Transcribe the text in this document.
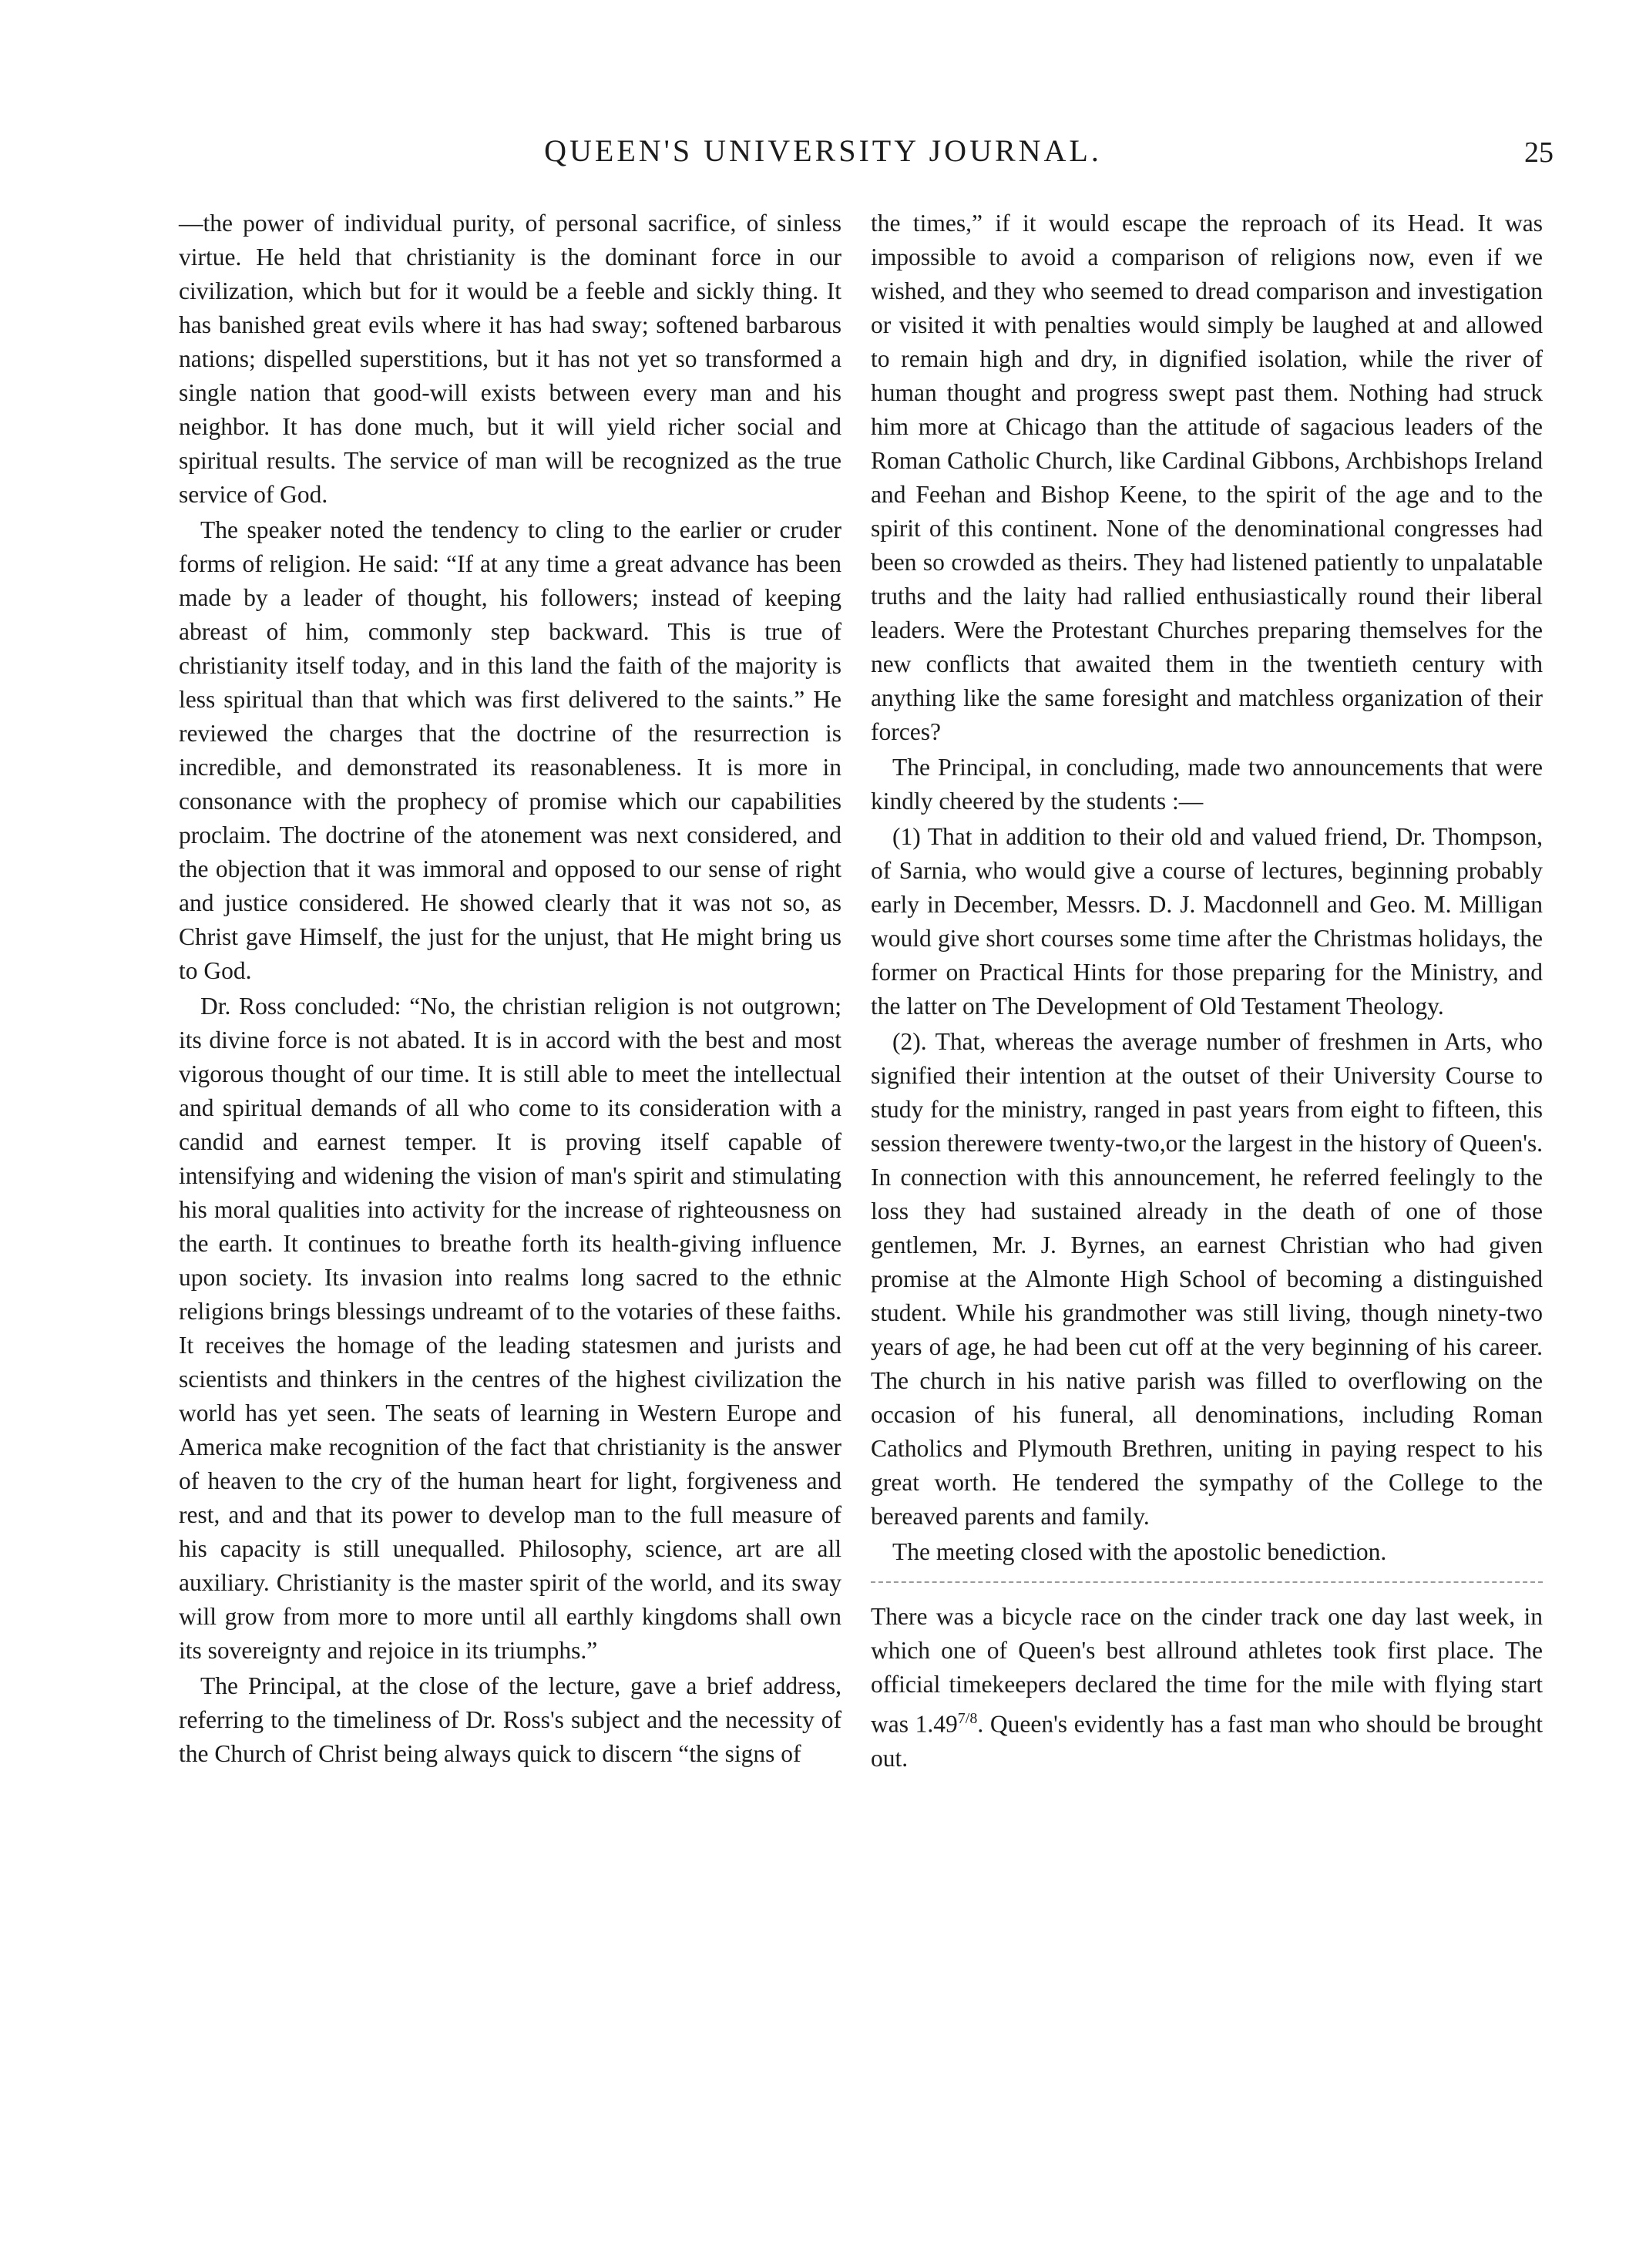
QUEEN'S UNIVERSITY JOURNAL.	25

—the power of individual purity, of personal sacrifice, of sinless virtue. He held that christianity is the dominant force in our civilization, which but for it would be a feeble and sickly thing. It has banished great evils where it has had sway; softened barbarous nations; dispelled superstitions, but it has not yet so transformed a single nation that good-will exists between every man and his neighbor. It has done much, but it will yield richer social and spiritual results. The service of man will be recognized as the true service of God.

The speaker noted the tendency to cling to the earlier or cruder forms of religion. He said: “If at any time a great advance has been made by a leader of thought, his followers; instead of keeping abreast of him, commonly step backward. This is true of christianity itself today, and in this land the faith of the majority is less spiritual than that which was first delivered to the saints.” He reviewed the charges that the doctrine of the resurrection is incredible, and demonstrated its reasonableness. It is more in consonance with the prophecy of promise which our capabilities proclaim. The doctrine of the atonement was next considered, and the objection that it was immoral and opposed to our sense of right and justice considered. He showed clearly that it was not so, as Christ gave Himself, the just for the unjust, that He might bring us to God.

Dr. Ross concluded: “No, the christian religion is not outgrown; its divine force is not abated. It is in accord with the best and most vigorous thought of our time. It is still able to meet the intellectual and spiritual demands of all who come to its consideration with a candid and earnest temper. It is proving itself capable of intensifying and widening the vision of man's spirit and stimulating his moral qualities into activity for the increase of righteousness on the earth. It continues to breathe forth its health-giving influence upon society. Its invasion into realms long sacred to the ethnic religions brings blessings undreamt of to the votaries of these faiths. It receives the homage of the leading statesmen and jurists and scientists and thinkers in the centres of the highest civilization the world has yet seen. The seats of learning in Western Europe and America make recognition of the fact that christianity is the answer of heaven to the cry of the human heart for light, forgiveness and rest, and and that its power to develop man to the full measure of his capacity is still unequalled. Philosophy, science, art are all auxiliary. Christianity is the master spirit of the world, and its sway will grow from more to more until all earthly kingdoms shall own its sovereignty and rejoice in its triumphs.”

The Principal, at the close of the lecture, gave a brief address, referring to the timeliness of Dr. Ross's subject and the necessity of the Church of Christ being always quick to discern “the signs of

the times,” if it would escape the reproach of its Head. It was impossible to avoid a comparison of religions now, even if we wished, and they who seemed to dread comparison and investigation or visited it with penalties would simply be laughed at and allowed to remain high and dry, in dignified isolation, while the river of human thought and progress swept past them. Nothing had struck him more at Chicago than the attitude of sagacious leaders of the Roman Catholic Church, like Cardinal Gibbons, Archbishops Ireland and Feehan and Bishop Keene, to the spirit of the age and to the spirit of this continent. None of the denominational congresses had been so crowded as theirs. They had listened patiently to unpalatable truths and the laity had rallied enthusiastically round their liberal leaders. Were the Protestant Churches preparing themselves for the new conflicts that awaited them in the twentieth century with anything like the same foresight and matchless organization of their forces?

The Principal, in concluding, made two announcements that were kindly cheered by the students :—

(1) That in addition to their old and valued friend, Dr. Thompson, of Sarnia, who would give a course of lectures, beginning probably early in December, Messrs. D. J. Macdonnell and Geo. M. Milligan would give short courses some time after the Christmas holidays, the former on Practical Hints for those preparing for the Ministry, and the latter on The Development of Old Testament Theology.

(2). That, whereas the average number of freshmen in Arts, who signified their intention at the outset of their University Course to study for the ministry, ranged in past years from eight to fifteen, this session therewere twenty-two,or the largest in the history of Queen's. In connection with this announcement, he referred feelingly to the loss they had sustained already in the death of one of those gentlemen, Mr. J. Byrnes, an earnest Christian who had given promise at the Almonte High School of becoming a distinguished student. While his grandmother was still living, though ninety-two years of age, he had been cut off at the very beginning of his career. The church in his native parish was filled to overflowing on the occasion of his funeral, all denominations, including Roman Catholics and Plymouth Brethren, uniting in paying respect to his great worth. He tendered the sympathy of the College to the bereaved parents and family.

The meeting closed with the apostolic benediction.

There was a bicycle race on the cinder track one day last week, in which one of Queen's best allround athletes took first place. The official timekeepers declared the time for the mile with flying start was $1.49^{7/8}$. Queen's evidently has a fast man who should be brought out.
